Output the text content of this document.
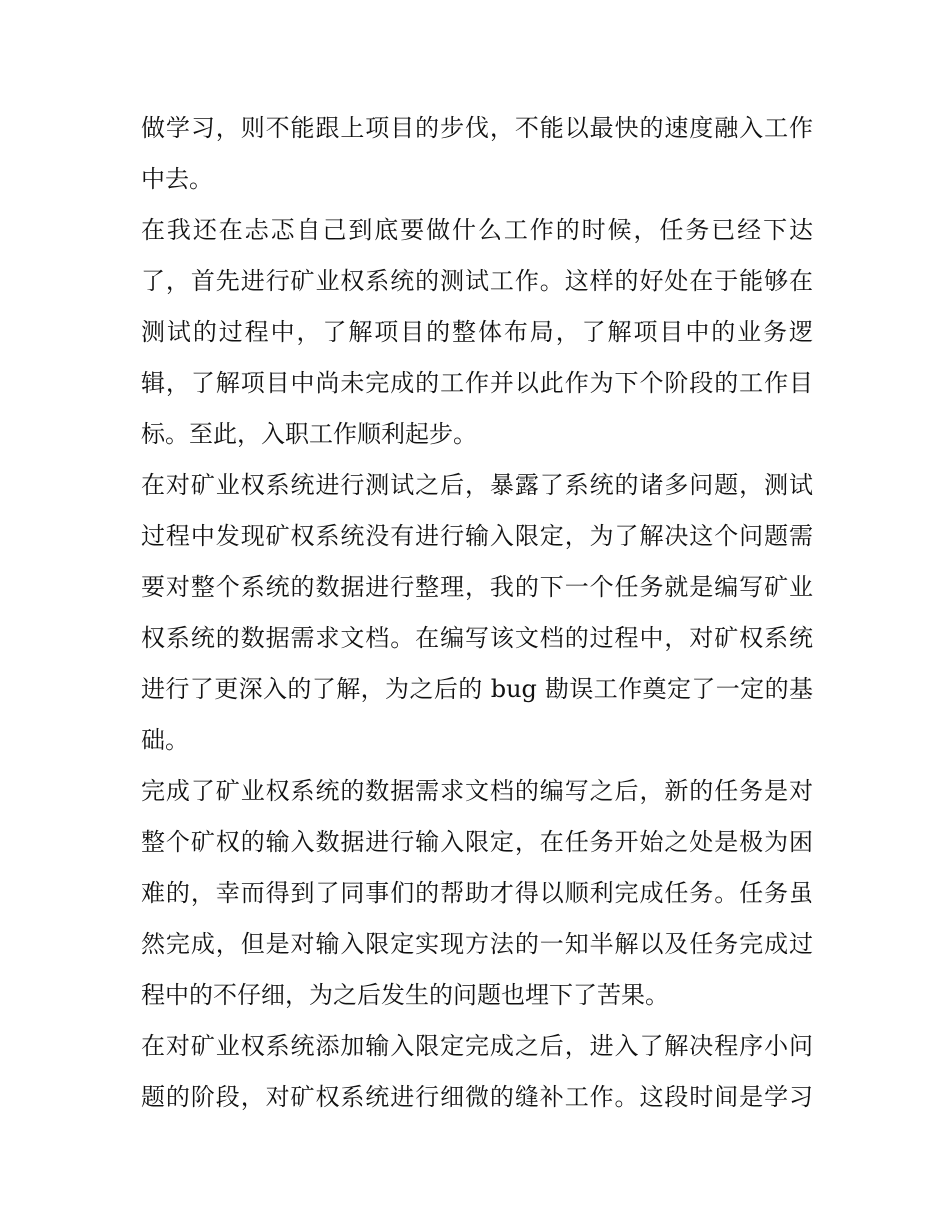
做学习，则不能跟上项目的步伐，不能以最快的速度融入工作
中去。
在我还在忐忑自己到底要做什么工作的时候，任务已经下达
了，首先进行矿业权系统的测试工作。这样的好处在于能够在
测试的过程中，了解项目的整体布局，了解项目中的业务逻
辑，了解项目中尚未完成的工作并以此作为下个阶段的工作目
标。至此，入职工作顺利起步。
在对矿业权系统进行测试之后，暴露了系统的诸多问题，测试
过程中发现矿权系统没有进行输入限定，为了解决这个问题需
要对整个系统的数据进行整理，我的下一个任务就是编写矿业
权系统的数据需求文档。在编写该文档的过程中，对矿权系统
进行了更深入的了解，为之后的 bug 勘误工作奠定了一定的基
础。
完成了矿业权系统的数据需求文档的编写之后，新的任务是对
整个矿权的输入数据进行输入限定，在任务开始之处是极为困
难的，幸而得到了同事们的帮助才得以顺利完成任务。任务虽
然完成，但是对输入限定实现方法的一知半解以及任务完成过
程中的不仔细，为之后发生的问题也埋下了苦果。
在对矿业权系统添加输入限定完成之后，进入了解决程序小问
题的阶段，对矿权系统进行细微的缝补工作。这段时间是学习
